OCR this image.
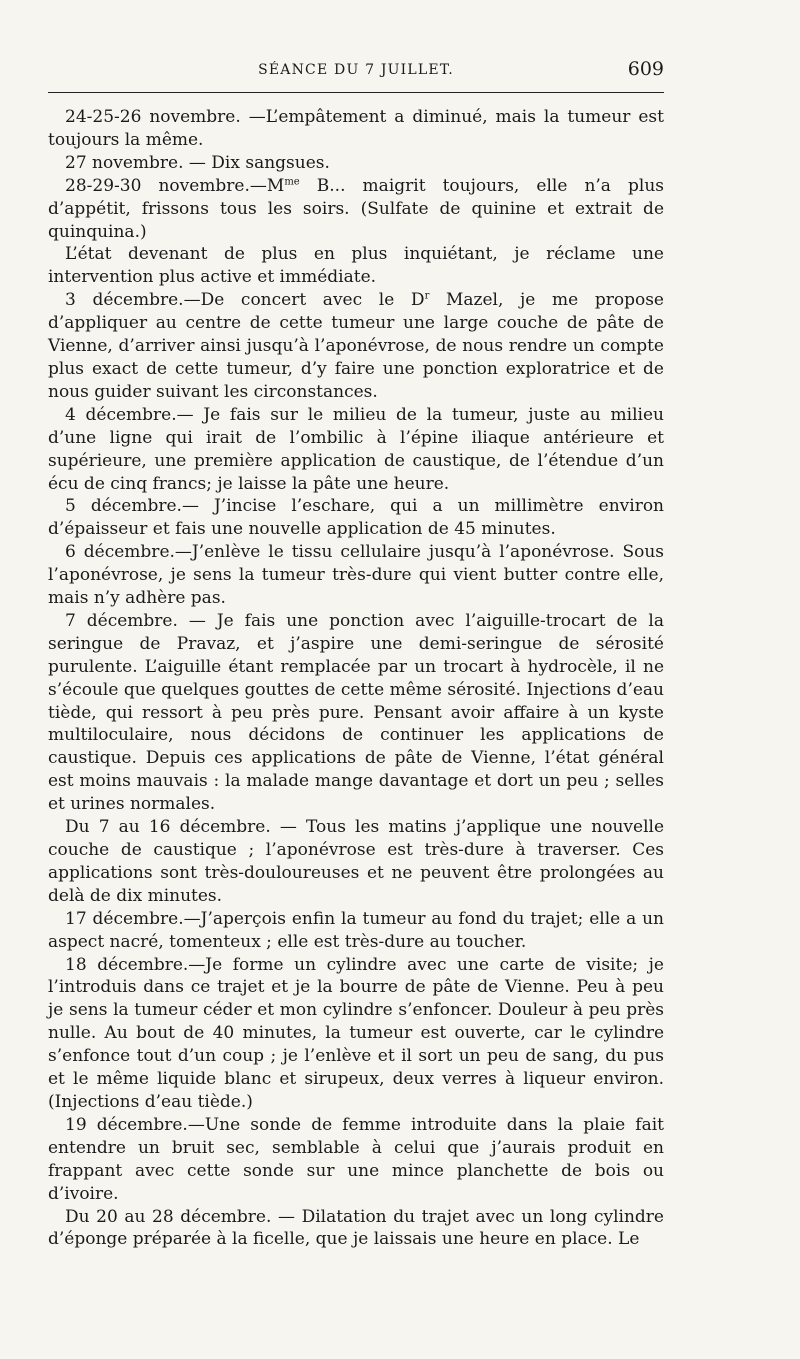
SÉANCE DU 7 JUILLET.	609

24-25-26 novembre. —L’empâtement a diminué, mais la tumeur est toujours la même.

27 novembre. — Dix sangsues.

28-29-30 $novembre.—M^{me}$ B... maigrit toujours, elle n’a plus d’appétit, frissons tous les soirs. (Sulfate de quinine et extrait de quinquina.)

L’état devenant de plus en plus inquiétant, je réclame une intervention plus active et immédiate.

3 décembre.—De concert avec le $D^r$ Mazel, je me propose d’appliquer au centre de cette tumeur une large couche de pâte de Vienne, d’arriver ainsi jusqu’à l’aponévrose, de nous rendre un compte plus exact de cette tumeur, d’y faire une ponction exploratrice et de nous guider suivant les circonstances.

4 décembre.— Je fais sur le milieu de la tumeur, juste au milieu d’une ligne qui irait de l’ombilic à l’épine iliaque antérieure et supérieure, une première application de caustique, de l’étendue d’un écu de cinq francs; je laisse la pâte une heure.

5 décembre.— J’incise l’eschare, qui a un millimètre environ d’épaisseur et fais une nouvelle application de 45 minutes.

6 décembre.—J’enlève le tissu cellulaire jusqu’à l’aponévrose. Sous l’aponévrose, je sens la tumeur très-dure qui vient butter contre elle, mais n’y adhère pas.

7 décembre. — Je fais une ponction avec l’aiguille-trocart de la seringue de Pravaz, et j’aspire une demi-seringue de sérosité purulente. L’aiguille étant remplacée par un trocart à hydrocèle, il ne s’écoule que quelques gouttes de cette même sérosité. Injections d’eau tiède, qui ressort à peu près pure. Pensant avoir affaire à un kyste multiloculaire, nous décidons de continuer les applications de caustique. Depuis ces applications de pâte de Vienne, l’état général est moins mauvais : la malade mange davantage et dort un peu ; selles et urines normales.

Du 7 au 16 décembre. — Tous les matins j’applique une nouvelle couche de caustique ; l’aponévrose est très-dure à traverser. Ces applications sont très-douloureuses et ne peuvent être prolongées au delà de dix minutes.

17 décembre.—J’aperçois enfin la tumeur au fond du trajet; elle a un aspect nacré, tomenteux ; elle est très-dure au toucher.

18 décembre.—Je forme un cylindre avec une carte de visite; je l’introduis dans ce trajet et je la bourre de pâte de Vienne. Peu à peu je sens la tumeur céder et mon cylindre s’enfoncer. Douleur à peu près nulle. Au bout de 40 minutes, la tumeur est ouverte, car le cylindre s’enfonce tout d’un coup ; je l’enlève et il sort un peu de sang, du pus et le même liquide blanc et sirupeux, deux verres à liqueur environ. (Injections d’eau tiède.)

19 décembre.—Une sonde de femme introduite dans la plaie fait entendre un bruit sec, semblable à celui que j’aurais produit en frappant avec cette sonde sur une mince planchette de bois ou d’ivoire.

Du 20 au 28 décembre. — Dilatation du trajet avec un long cylindre d’éponge préparée à la ficelle, que je laissais une heure en place. Le
